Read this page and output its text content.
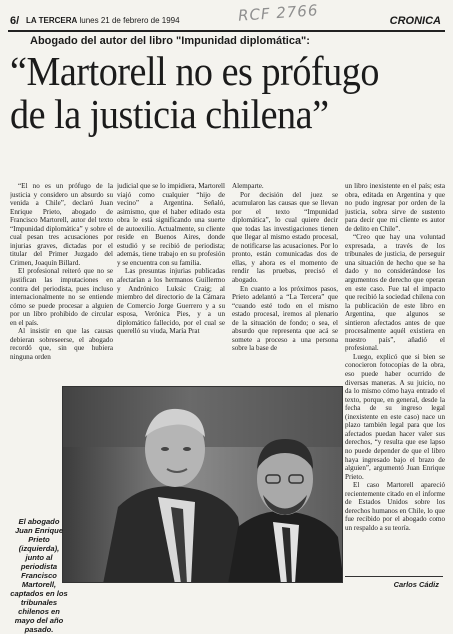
RCF 2766
6/ LA TERCERA lunes 21 de febrero de 1994	CRONICA
Abogado del autor del libro "Impunidad diplomática":
“Martorell no es prófugo de la justicia chilena”

“El no es un prófugo de la justicia y considero un absurdo su venida a Chile”, declaró Juan Enrique Prieto, abogado de Francisco Martorell, autor del texto “Impunidad diplomática” y sobre el cual pesan tres acusaciones por injurias graves, dictadas por el titular del Primer Juzgado del Crimen, Joaquín Billard.

El profesional reiteró que no se justifican las imputaciones en contra del periodista, pues incluso internacionalmente no se entiende cómo se puede procesar a alguien por un libro prohibido de circular en el país.

Al insistir en que las causas debieran sobreseerse, el abogado recordó que, sin que hubiera ninguna orden

judicial que se lo impidiera, Martorell viajó como cualquier “hijo de vecino” a Argentina. Señaló, asimismo, que el haber editado esta obra le está significando una suerte de autoexilio. Actualmente, su cliente reside en Buenos Aires, donde estudió y se recibió de periodista; además, tiene trabajo en su profesión y se encuentra con su familia.

Las presuntas injurias publicadas afectarían a los hermanos Guillermo y Andrónico Luksic Craig; al miembro del directorio de la Cámara de Comercio Jorge Guerrero y a su esposa, Verónica Pies, y a un diplomático fallecido, por el cual se querelló su viuda, María Prat

Alemparte.

Por decisión del juez se acumularon las causas que se llevan por el texto “Impunidad diplomática”, lo cual quiere decir que todas las investigaciones tienen que llegar al mismo estado procesal, de notificarse las acusaciones. Por lo pronto, están comunicadas dos de ellas, y ahora es el momento de rendir las pruebas, precisó el abogado.

En cuanto a los próximos pasos, Prieto adelantó a “La Tercera” que “cuando esté todo en el mismo estado procesal, iremos al plenario de la situación de fondo; o sea, el absurdo que representa que acá se somete a proceso a una persona sobre la base de

un libro inexistente en el país; esta obra, editada en Argentina y que no pudo ingresar por orden de la justicia, sobra sirve de sustento para decir que mi cliente es autor de delito en Chile”.

“Creo que hay una voluntad expresada, a través de los tribunales de justicia, de perseguir una situación de hecho que se ha dado y no considerándose los argumentos de derecho que operan en este caso. Fue tal el impacto que recibió la sociedad chilena con la publicación de este libro en Argentina, que algunos se sintieron afectados antes de que procesalmente aquél existiera en nuestro país”, añadió el profesional.

Luego, explicó que si bien se conocieron fotocopias de la obra, eso puede haber ocurrido de diversas maneras. A su juicio, no da lo mismo cómo haya entrado el texto, porque, en general, desde la fecha de su ingreso legal (inexistente en este caso) nace un plazo también legal para que los afectados puedan hacer valer sus derechos, “y resulta que ese lapso no puede depender de que el libro haya ingresado bajo el brazo de alguien”, argumentó Juan Enrique Prieto.

El caso Martorell apareció recientemente citado en el informe de Estados Unidos sobre los derechos humanos en Chile, lo que fue recibido por el abogado como un respaldo a su teoría.

El abogado Juan Enrique Prieto (izquierda), junto al periodista Francisco Martorell, captados en los tribunales chilenos en mayo del año pasado.
Carlos Cádiz
